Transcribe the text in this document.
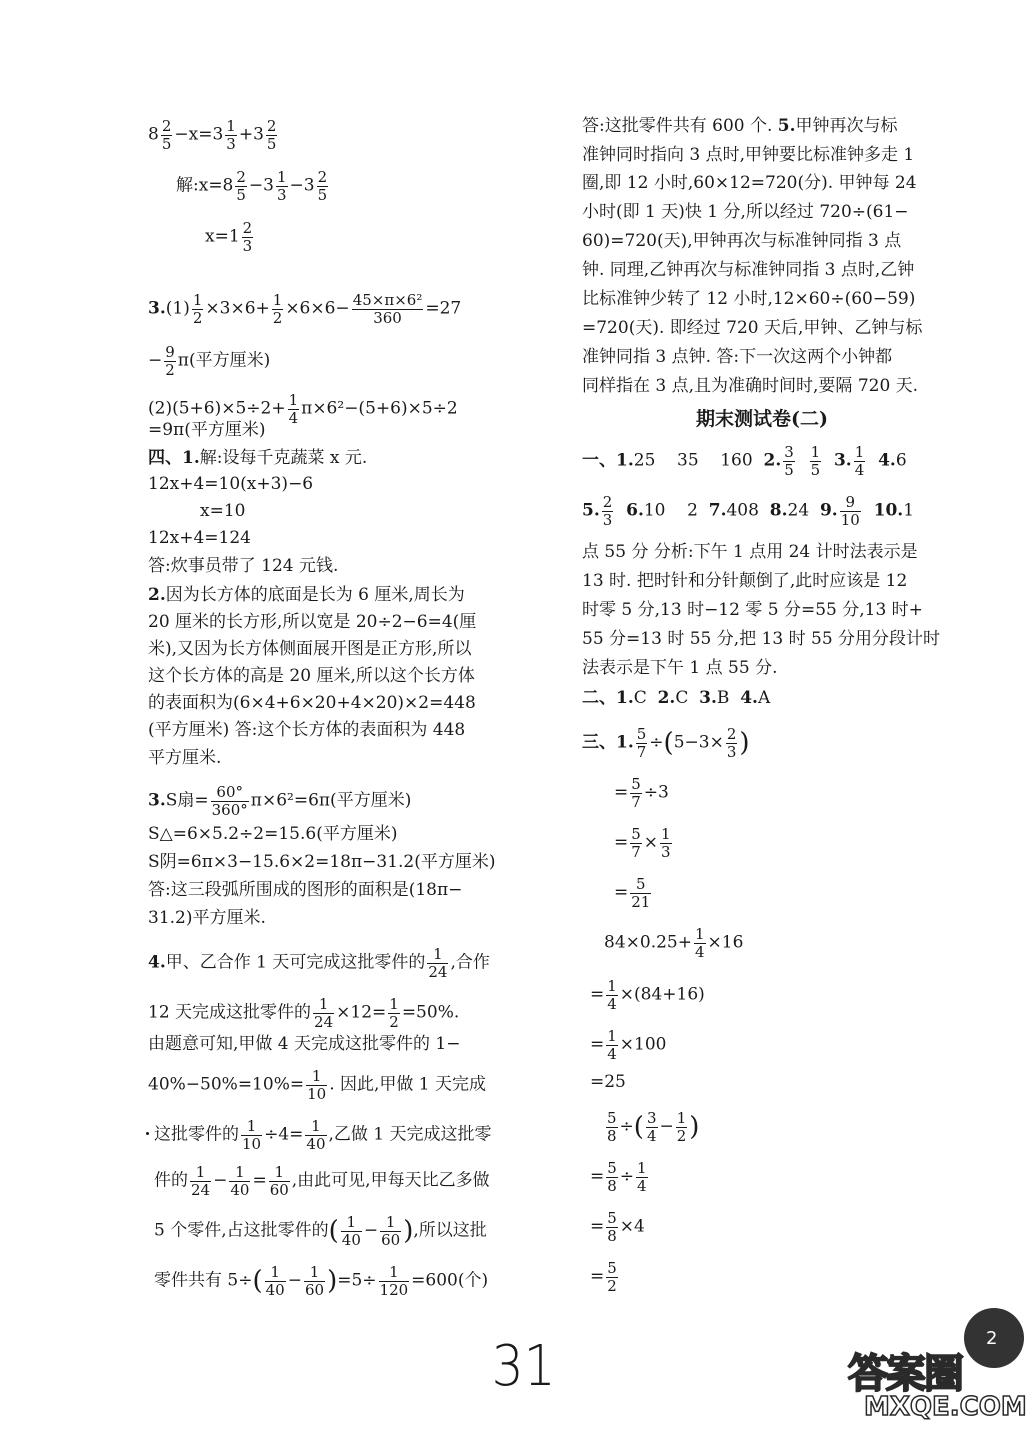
$8 \frac{2}{5} -x=3 \frac{1}{3} +3 \frac{2}{5}$
解:x=8 $\frac{2}{5} -3 \frac{1}{3} -3 \frac{2}{5}$
$x=1 \frac{2}{3}$
$3.(1) \frac{1}{2} \times 3\times 6+ \frac{1}{2} \times 6\times 6- \frac{\text{45×π×6²}}{360} =27$
− $\frac{9}{2} \pi$(平方厘米)
$(2)(5+6)\times 5\div 2+ \frac{1}{4} \pi\times 6^2-(5+6)\times 5\div 2$
=9π(平方厘米)
四、1.解:设每千克蔬菜 x 元.
12x+4=10(x+3)−6
x=10
12x+4=124
答:炊事员带了 124 元钱.
2.因为长方体的底面是长为 6 厘米,周长为
20 厘米的长方形,所以宽是 20÷2−6=4(厘
米),又因为长方体侧面展开图是正方形,所以
这个长方体的高是 20 厘米,所以这个长方体
的表面积为(6×4+6×20+4×20)×2=448
(平方厘米) 答:这个长方体的表面积为 448
平方厘米.
3.S扇= $\frac{60^\circ}{360^\circ} \pi\times 6^2=6\pi$(平方厘米)
S△=6×5.2÷2=15.6(平方厘米)
S阴=6π×3−15.6×2=18π−31.2(平方厘米)
答:这三段弧所围成的图形的面积是(18π−
31.2)平方厘米.
4.甲、乙合作 1 天可完成这批零件的 $\frac{1}{24}$ ,合作
12 天完成这批零件的 $\frac{1}{24} \times 12= \frac{1}{2} =50\%$.
由题意可知,甲做 4 天完成这批零件的 1−
$40\%-50\%=10\%= \frac{1}{10}$ . 因此,甲做 1 天完成
这批零件的 $\frac{1}{10} \div 4= \frac{1}{40}$ ,乙做 1 天完成这批零
件的 $\frac{1}{24} - \frac{1}{40} = \frac{1}{60}$ ,由此可见,甲每天比乙多做
5 个零件,占这批零件的( $\frac{1}{40} - \frac{1}{60}$ ),所以这批
零件共有 $5\div( \frac{1}{40} - \frac{1}{60} )=5\div \frac{1}{120} =600$(个)
答:这批零件共有 600 个. 5.甲钟再次与标
准钟同时指向 3 点时,甲钟要比标准钟多走 1
圈,即 12 小时,60×12=720(分). 甲钟每 24
小时(即 1 天)快 1 分,所以经过 720÷(61−
60)=720(天),甲钟再次与标准钟同指 3 点
钟. 同理,乙钟再次与标准钟同指 3 点时,乙钟
比标准钟少转了 12 小时,12×60÷(60−59)
=720(天). 即经过 720 天后,甲钟、乙钟与标
准钟同指 3 点钟. 答:下一次这两个小钟都
同样指在 3 点,且为准确时间时,要隔 720 天.
期末测试卷(二)
一、1.25    35    160  2. $\frac{3}{5}$
$\frac{1}{5} 3$. $\frac{1}{4} 4.6$
5. $\frac{2}{3} 6.10$    2  7.408  8.24  9. $\frac{9}{10} 10.1$
点 55 分 分析:下午 1 点用 24 计时法表示是
13 时. 把时针和分针颠倒了,此时应该是 12
时零 5 分,13 时−12 零 5 分=55 分,13 时+
55 分=13 时 55 分,把 13 时 55 分用分段计时
法表示是下午 1 点 55 分.
二、1.C  2.C  3.B  4.A
三、1. $\frac{5}{7} \div(5-3\times \frac{2}{3}$ )
= $\frac{5}{7} \div 3$
= $\frac{5}{7} \times \frac{1}{3}$
= $\frac{5}{21}$
$84\times 0.25+ \frac{1}{4} \times 16$
= $\frac{1}{4} \times(84+16)$
= $\frac{1}{4} \times 100$
=25
$\frac{5}{8}$ ÷( $\frac{3}{4} - \frac{1}{2}$ )
= $\frac{5}{8} \div \frac{1}{4}$
= $\frac{5}{8} \times 4$
= $\frac{5}{2}$
31	2
答案圈
MXQE.COM
